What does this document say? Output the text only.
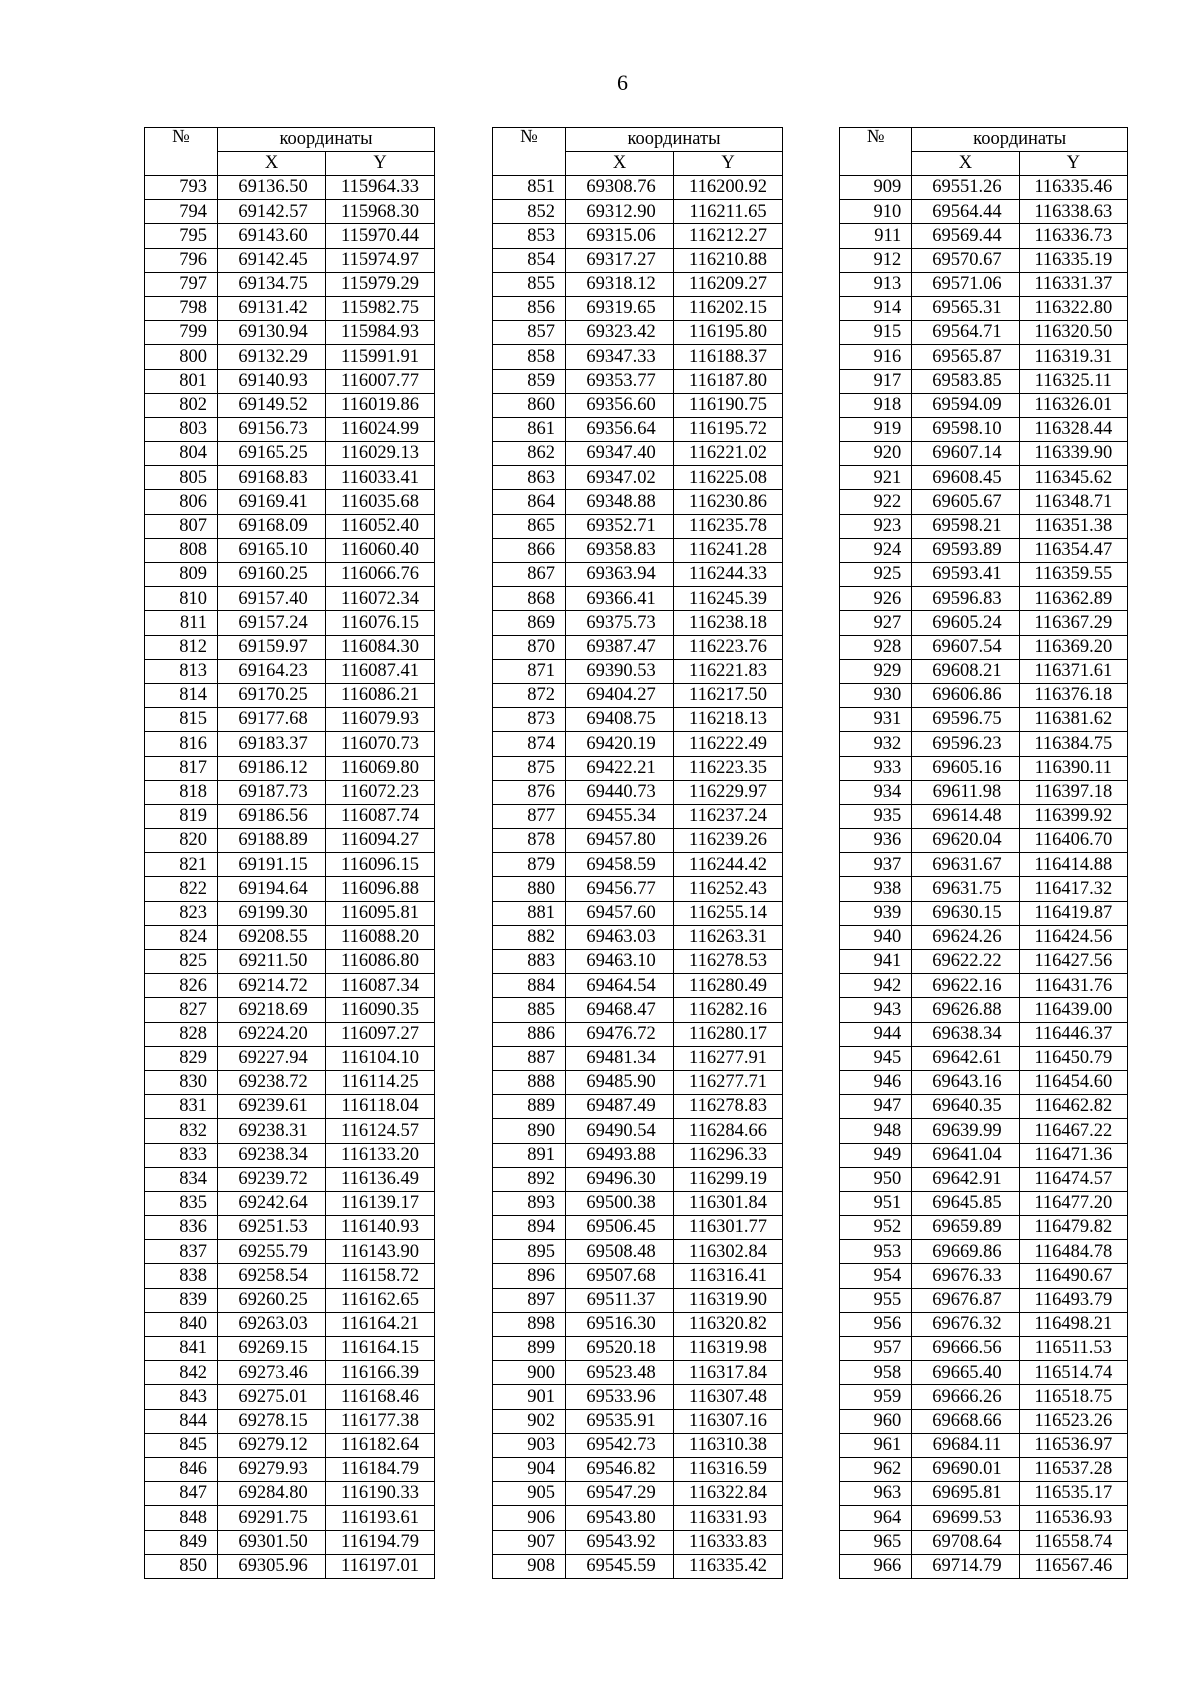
6
№	координаты	
	X	Y
793	69136.50	115964.33
794	69142.57	115968.30
795	69143.60	115970.44
796	69142.45	115974.97
797	69134.75	115979.29
798	69131.42	115982.75
799	69130.94	115984.93
800	69132.29	115991.91
801	69140.93	116007.77
802	69149.52	116019.86
803	69156.73	116024.99
804	69165.25	116029.13
805	69168.83	116033.41
806	69169.41	116035.68
807	69168.09	116052.40
808	69165.10	116060.40
809	69160.25	116066.76
810	69157.40	116072.34
811	69157.24	116076.15
812	69159.97	116084.30
813	69164.23	116087.41
814	69170.25	116086.21
815	69177.68	116079.93
816	69183.37	116070.73
817	69186.12	116069.80
818	69187.73	116072.23
819	69186.56	116087.74
820	69188.89	116094.27
821	69191.15	116096.15
822	69194.64	116096.88
823	69199.30	116095.81
824	69208.55	116088.20
825	69211.50	116086.80
826	69214.72	116087.34
827	69218.69	116090.35
828	69224.20	116097.27
829	69227.94	116104.10
830	69238.72	116114.25
831	69239.61	116118.04
832	69238.31	116124.57
833	69238.34	116133.20
834	69239.72	116136.49
835	69242.64	116139.17
836	69251.53	116140.93
837	69255.79	116143.90
838	69258.54	116158.72
839	69260.25	116162.65
840	69263.03	116164.21
841	69269.15	116164.15
842	69273.46	116166.39
843	69275.01	116168.46
844	69278.15	116177.38
845	69279.12	116182.64
846	69279.93	116184.79
847	69284.80	116190.33
848	69291.75	116193.61
849	69301.50	116194.79
850	69305.96	116197.01
№	координаты	
	X	Y
851	69308.76	116200.92
852	69312.90	116211.65
853	69315.06	116212.27
854	69317.27	116210.88
855	69318.12	116209.27
856	69319.65	116202.15
857	69323.42	116195.80
858	69347.33	116188.37
859	69353.77	116187.80
860	69356.60	116190.75
861	69356.64	116195.72
862	69347.40	116221.02
863	69347.02	116225.08
864	69348.88	116230.86
865	69352.71	116235.78
866	69358.83	116241.28
867	69363.94	116244.33
868	69366.41	116245.39
869	69375.73	116238.18
870	69387.47	116223.76
871	69390.53	116221.83
872	69404.27	116217.50
873	69408.75	116218.13
874	69420.19	116222.49
875	69422.21	116223.35
876	69440.73	116229.97
877	69455.34	116237.24
878	69457.80	116239.26
879	69458.59	116244.42
880	69456.77	116252.43
881	69457.60	116255.14
882	69463.03	116263.31
883	69463.10	116278.53
884	69464.54	116280.49
885	69468.47	116282.16
886	69476.72	116280.17
887	69481.34	116277.91
888	69485.90	116277.71
889	69487.49	116278.83
890	69490.54	116284.66
891	69493.88	116296.33
892	69496.30	116299.19
893	69500.38	116301.84
894	69506.45	116301.77
895	69508.48	116302.84
896	69507.68	116316.41
897	69511.37	116319.90
898	69516.30	116320.82
899	69520.18	116319.98
900	69523.48	116317.84
901	69533.96	116307.48
902	69535.91	116307.16
903	69542.73	116310.38
904	69546.82	116316.59
905	69547.29	116322.84
906	69543.80	116331.93
907	69543.92	116333.83
908	69545.59	116335.42
№	координаты	
	X	Y
909	69551.26	116335.46
910	69564.44	116338.63
911	69569.44	116336.73
912	69570.67	116335.19
913	69571.06	116331.37
914	69565.31	116322.80
915	69564.71	116320.50
916	69565.87	116319.31
917	69583.85	116325.11
918	69594.09	116326.01
919	69598.10	116328.44
920	69607.14	116339.90
921	69608.45	116345.62
922	69605.67	116348.71
923	69598.21	116351.38
924	69593.89	116354.47
925	69593.41	116359.55
926	69596.83	116362.89
927	69605.24	116367.29
928	69607.54	116369.20
929	69608.21	116371.61
930	69606.86	116376.18
931	69596.75	116381.62
932	69596.23	116384.75
933	69605.16	116390.11
934	69611.98	116397.18
935	69614.48	116399.92
936	69620.04	116406.70
937	69631.67	116414.88
938	69631.75	116417.32
939	69630.15	116419.87
940	69624.26	116424.56
941	69622.22	116427.56
942	69622.16	116431.76
943	69626.88	116439.00
944	69638.34	116446.37
945	69642.61	116450.79
946	69643.16	116454.60
947	69640.35	116462.82
948	69639.99	116467.22
949	69641.04	116471.36
950	69642.91	116474.57
951	69645.85	116477.20
952	69659.89	116479.82
953	69669.86	116484.78
954	69676.33	116490.67
955	69676.87	116493.79
956	69676.32	116498.21
957	69666.56	116511.53
958	69665.40	116514.74
959	69666.26	116518.75
960	69668.66	116523.26
961	69684.11	116536.97
962	69690.01	116537.28
963	69695.81	116535.17
964	69699.53	116536.93
965	69708.64	116558.74
966	69714.79	116567.46
